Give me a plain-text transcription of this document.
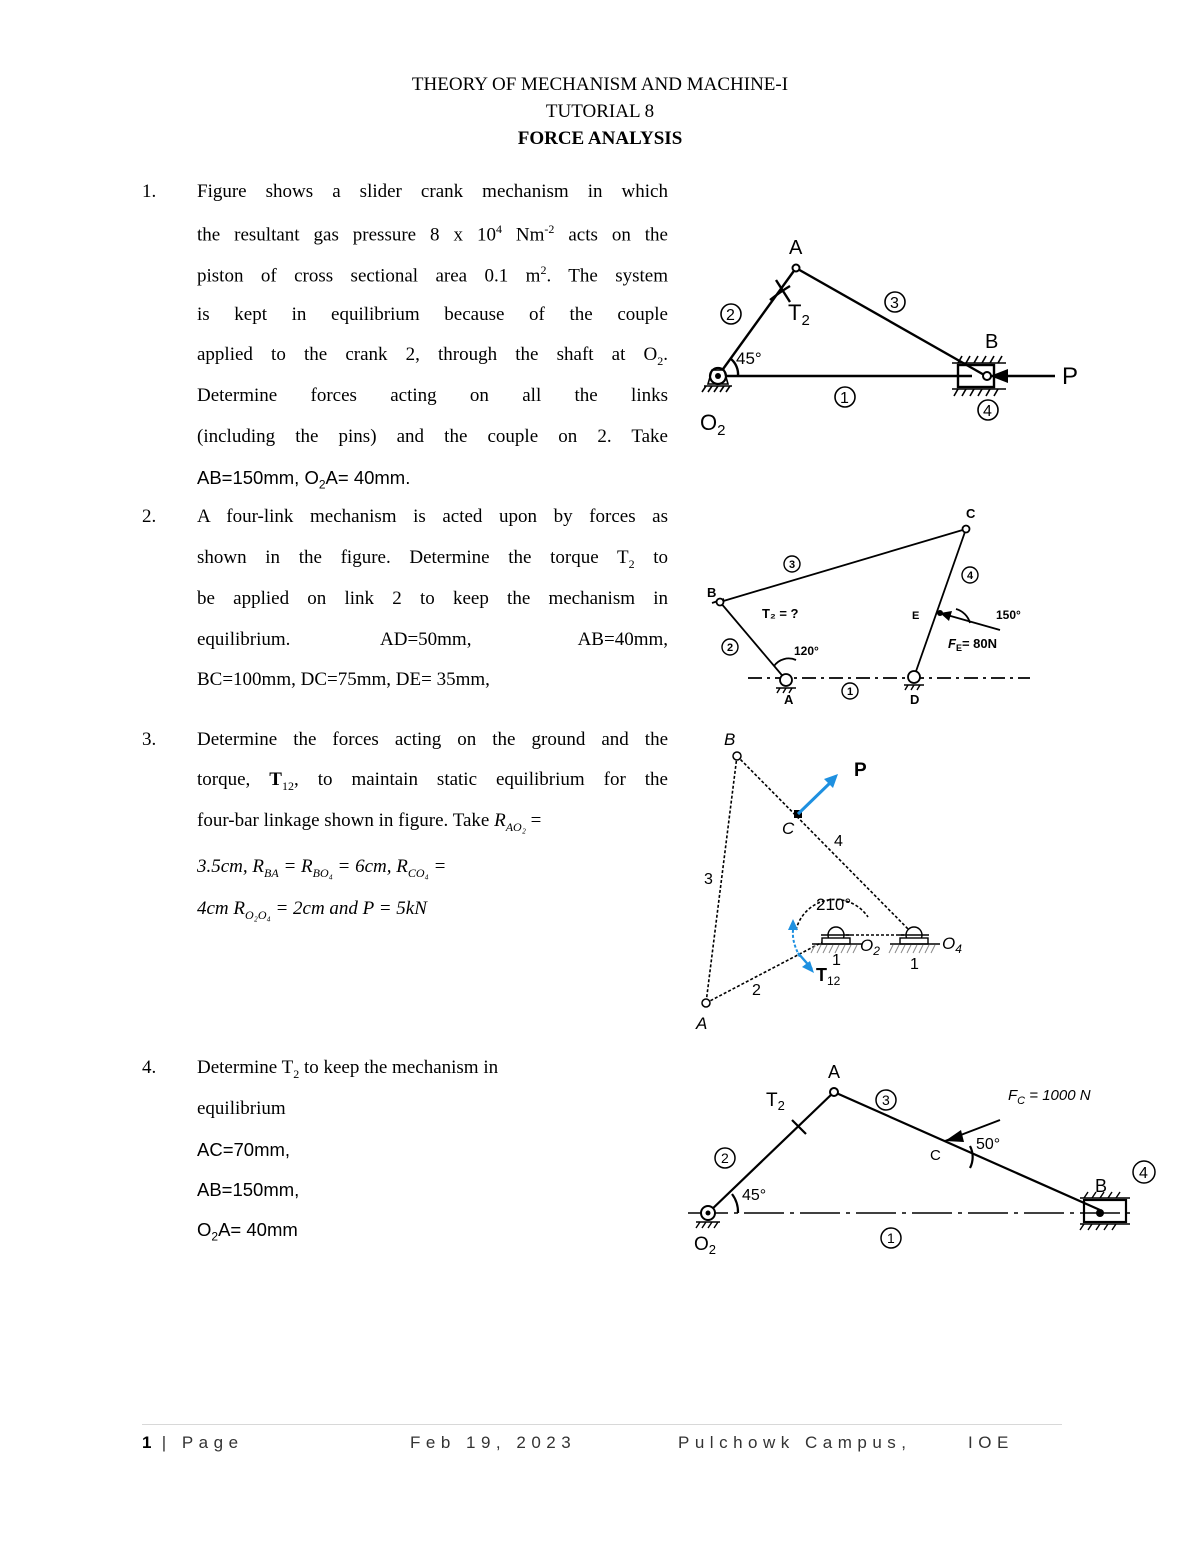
THEORY OF MECHANISM AND MACHINE-I
TUTORIAL 8
FORCE ANALYSIS
1. Figure shows a slider crank mechanism in which
the resultant gas pressure 8 x $10^4$ $Nm^{-2}$ acts on the
piston of cross sectional area 0.1 $m^2$. The system
is kept in equilibrium because of the couple
applied to the crank 2, through the shaft at $O_2$.
Determine forces acting on all the links
(including the pins) and the couple on 2. Take
AB=150mm, $O_2A= 40mm$.
A
B
P
$O_2$
$T_2$
45°
2
3
1
4
2. A four-link mechanism is acted upon by forces as
shown in the figure. Determine the torque $T_2$ to
be applied on link 2 to keep the mechanism in
equilibrium.	AD=50mm,	AB=40mm,
BC=100mm, DC=75mm, DE= 35mm,
B
C
A	D
E
T₂ = ?
120°
150°
$F_E= 80N$
3
4
2
1
3. Determine the forces acting on the ground and the
torque, $T_{12}$, to maintain static equilibrium for the
four-bar linkage shown in figure. Take $R_{AO_2}$ =
3.5cm, $R_{BA} = R_{BO_4} = 6cm$, $R_{CO_4}$ =
4cm $R_{O_2O_4} = 2cm$ and P = 5kN
B
A
C
P
210°
$O_2$	$O_4$
$T_{12}$
3
4
2
1	1
4. Determine $T_2$ to keep the mechanism in
equilibrium
AC=70mm,
AB=150mm,
$O_2A= 40mm$
A
B
C
$O_2$
$T_2$
45°
50°
$F_C = 1000$ N
2
3
1
4
1 | Page	Feb 19, 2023	Pulchowk Campus,	IOE
